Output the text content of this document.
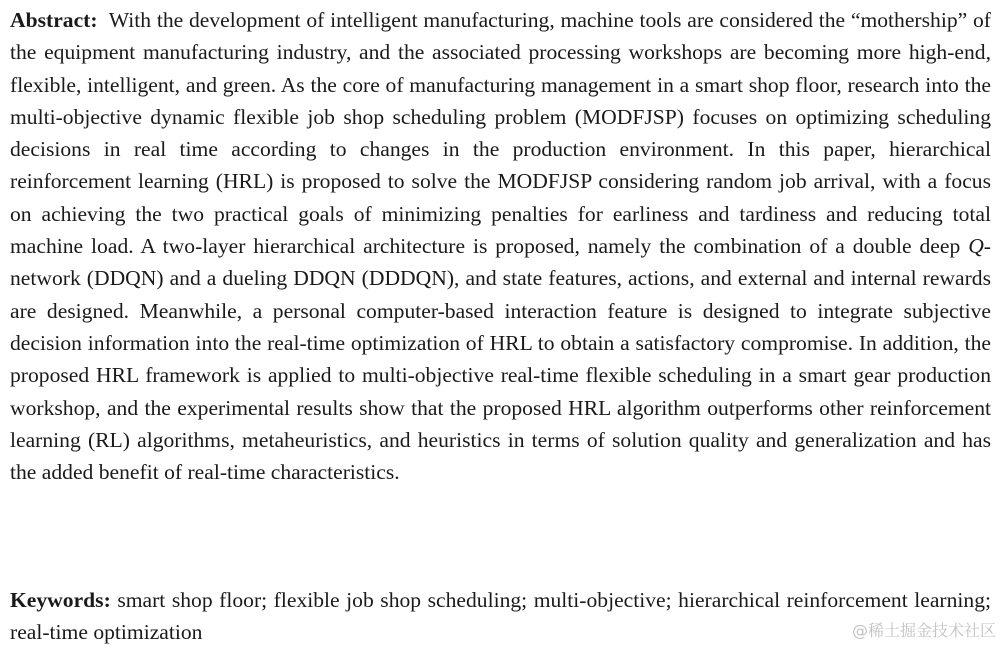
Abstract: With the development of intelligent manufacturing, machine tools are considered the “mothership” of the equipment manufacturing industry, and the associated processing workshops are becoming more high-end, flexible, intelligent, and green. As the core of manufacturing management in a smart shop floor, research into the multi-objective dynamic flexible job shop scheduling problem (MODFJSP) focuses on optimizing scheduling decisions in real time according to changes in the production environment. In this paper, hierarchical reinforcement learning (HRL) is proposed to solve the MODFJSP considering random job arrival, with a focus on achieving the two practical goals of minimizing penalties for earliness and tardiness and reducing total machine load. A two-layer hierarchical architecture is proposed, namely the combination of a double deep Q-network (DDQN) and a dueling DDQN (DDDQN), and state features, actions, and external and internal rewards are designed. Meanwhile, a personal computer-based interaction feature is designed to integrate subjective decision information into the real-time optimization of HRL to obtain a satisfactory compromise. In addition, the proposed HRL framework is applied to multi-objective real-time flexible scheduling in a smart gear production workshop, and the experimental results show that the proposed HRL algorithm outperforms other reinforcement learning (RL) algorithms, metaheuristics, and heuristics in terms of solution quality and generalization and has the added benefit of real-​time characteristics.

Keywords: smart shop floor; flexible job shop scheduling; multi-objective; hierarchical reinforcement learning; real-time optimization	@稀土掘金技术社区
